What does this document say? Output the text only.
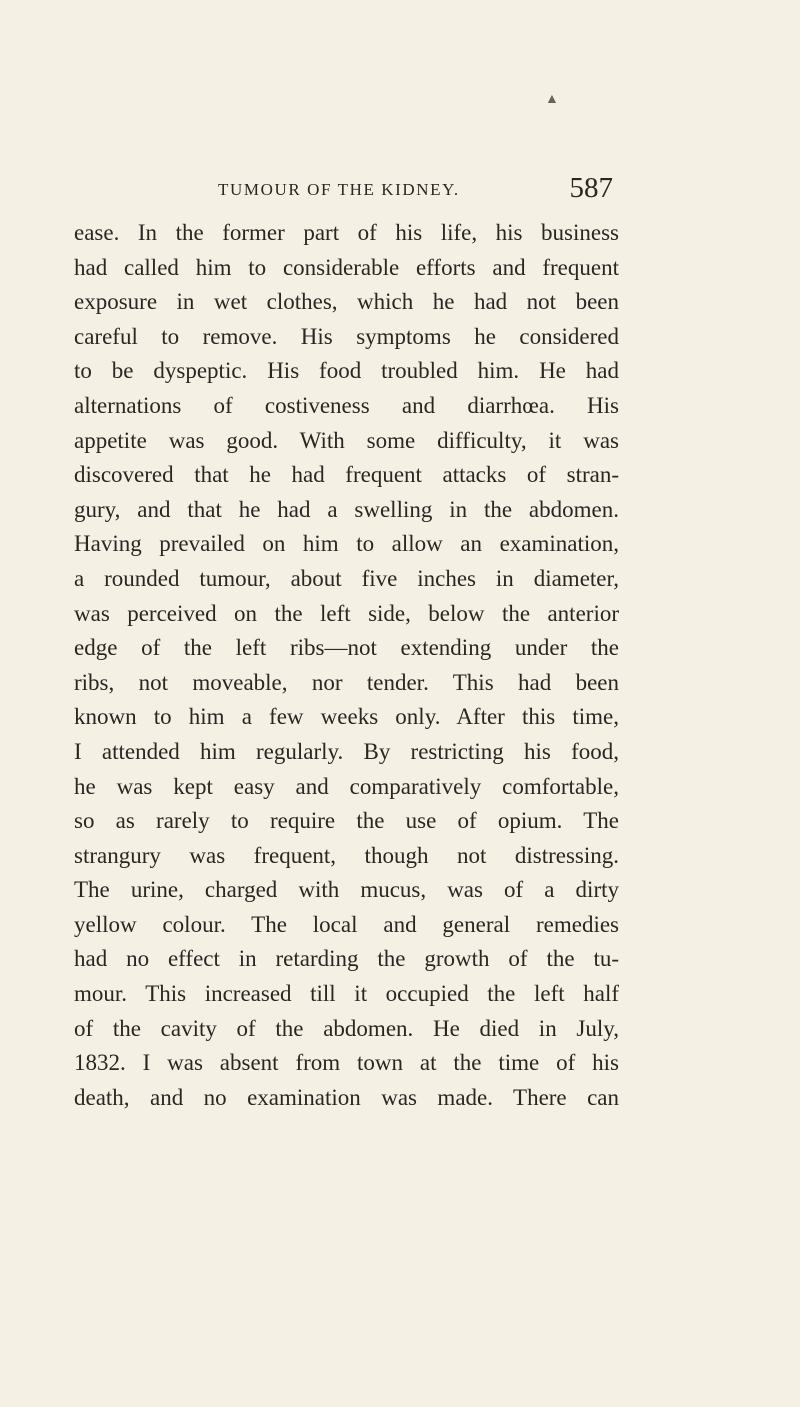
▲
TUMOUR OF THE KIDNEY.	587
ease. In the former part of his life, his business
had called him to considerable efforts and frequent
exposure in wet clothes, which he had not been
careful to remove. His symptoms he considered
to be dyspeptic. His food troubled him. He had
alternations of costiveness and diarrhœa. His
appetite was good. With some difficulty, it was
discovered that he had frequent attacks of stran-
gury, and that he had a swelling in the abdomen.
Having prevailed on him to allow an examination,
a rounded tumour, about five inches in diameter,
was perceived on the left side, below the anterior
edge of the left ribs—not extending under the
ribs, not moveable, nor tender. This had been
known to him a few weeks only. After this time,
I attended him regularly. By restricting his food,
he was kept easy and comparatively comfortable,
so as rarely to require the use of opium. The
strangury was frequent, though not distressing.
The urine, charged with mucus, was of a dirty
yellow colour. The local and general remedies
had no effect in retarding the growth of the tu-
mour. This increased till it occupied the left half
of the cavity of the abdomen. He died in July,
1832. I was absent from town at the time of his
death, and no examination was made. There can
